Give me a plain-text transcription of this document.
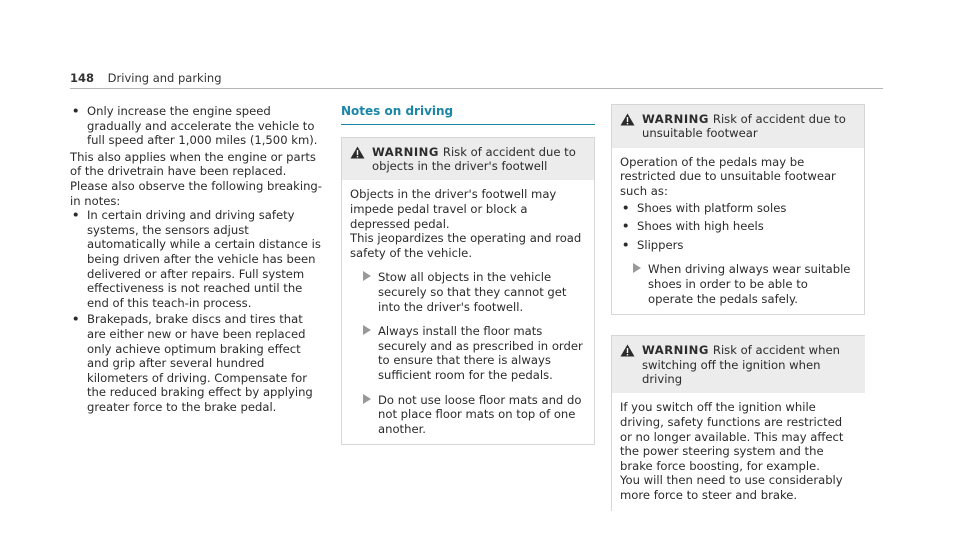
148 Driving and parking
• Only increase the engine speed gradually and accelerate the vehicle to full speed after 1,000 miles (1,500 km).

This also applies when the engine or parts of the drivetrain have been replaced.

Please also observe the following breaking-in notes:

• In certain driving and driving safety systems, the sensors adjust automatically while a certain distance is being driven after the vehicle has been delivered or after repairs. Full system effectiveness is not reached until the end of this teach-in process.
• Brakepads, brake discs and tires that are either new or have been replaced only achieve optimum braking effect and grip after several hundred kilometers of driving. Compensate for the reduced braking effect by applying greater force to the brake pedal.
Notes on driving
WARNING Risk of accident due to objects in the driver's footwell

Objects in the driver's footwell may impede pedal travel or block a depressed pedal.

This jeopardizes the operating and road safety of the vehicle.

Stow all objects in the vehicle securely so that they cannot get into the driver's footwell.
Always install the floor mats securely and as prescribed in order to ensure that there is always sufficient room for the pedals.
Do not use loose floor mats and do not place floor mats on top of one another.
WARNING Risk of accident due to unsuitable footwear

Operation of the pedals may be restricted due to unsuitable footwear such as:

• Shoes with platform soles
• Shoes with high heels
• Slippers
When driving always wear suitable shoes in order to be able to operate the pedals safely.
WARNING Risk of accident when switching off the ignition when driving

If you switch off the ignition while driving, safety functions are restricted or no longer available. This may affect the power steering system and the brake force boosting, for example.

You will then need to use considerably more force to steer and brake.
